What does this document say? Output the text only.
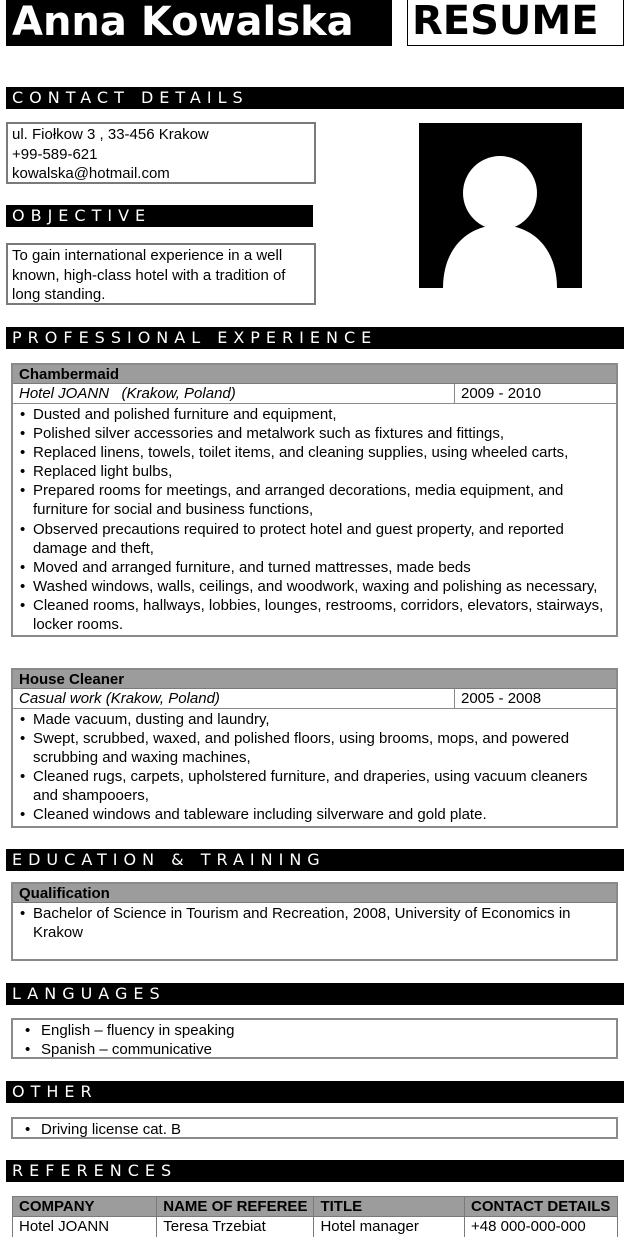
Anna Kowalska	RESUME
CONTACT DETAILS
ul. Fiołkow 3 , 33-456 Krakow
+99-589-621
kowalska@hotmail.com
OBJECTIVE
To gain international experience in a well known, high-class hotel with a tradition of long standing.
PROFESSIONAL EXPERIENCE
Chambermaid
Hotel JOANN   (Krakow, Poland)	2009 - 2010
• Dusted and polished furniture and equipment,
• Polished silver accessories and metalwork such as fixtures and fittings,
• Replaced linens, towels, toilet items, and cleaning supplies, using wheeled carts,
• Replaced light bulbs,
• Prepared rooms for meetings, and arranged decorations, media equipment, and furniture for social and business functions,
• Observed precautions required to protect hotel and guest property, and reported damage and theft,
• Moved and arranged furniture, and turned mattresses, made beds
• Washed windows, walls, ceilings, and woodwork, waxing and polishing as necessary,
• Cleaned rooms, hallways, lobbies, lounges, restrooms, corridors, elevators, stairways, locker rooms.
House Cleaner
Casual work (Krakow, Poland)	2005 - 2008
• Made vacuum, dusting and laundry,
• Swept, scrubbed, waxed, and polished floors, using brooms, mops, and powered scrubbing and waxing machines,
• Cleaned rugs, carpets, upholstered furniture, and draperies, using vacuum cleaners and shampooers,
• Cleaned windows and tableware including silverware and gold plate.
EDUCATION & TRAINING
Qualification
• Bachelor of Science in Tourism and Recreation, 2008, University of Economics in Krakow
LANGUAGES
• English – fluency in speaking
• Spanish – communicative
OTHER
• Driving license cat. B
REFERENCES
COMPANY	NAME OF REFEREE	TITLE	CONTACT DETAILS
Hotel JOANN	Teresa Trzebiat	Hotel manager	+48 000-000-000
